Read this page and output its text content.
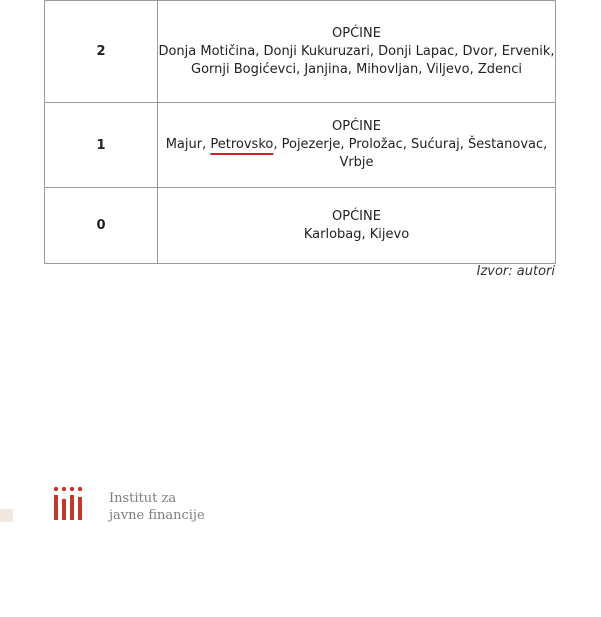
2	OPĆINE
Donja Motičina, Donji Kukuruzari, Donji Lapac, Dvor, Ervenik, Gornji Bogićevci, Janjina, Mihovljan, Viljevo, Zdenci
1	OPĆINE
Majur, Petrovsko, Pojezerje, Proložac, Sućuraj, Šestanovac, Vrbje
0	OPĆINE
Karlobag, Kijevo
Izvor: autori
Institut za
javne financije
